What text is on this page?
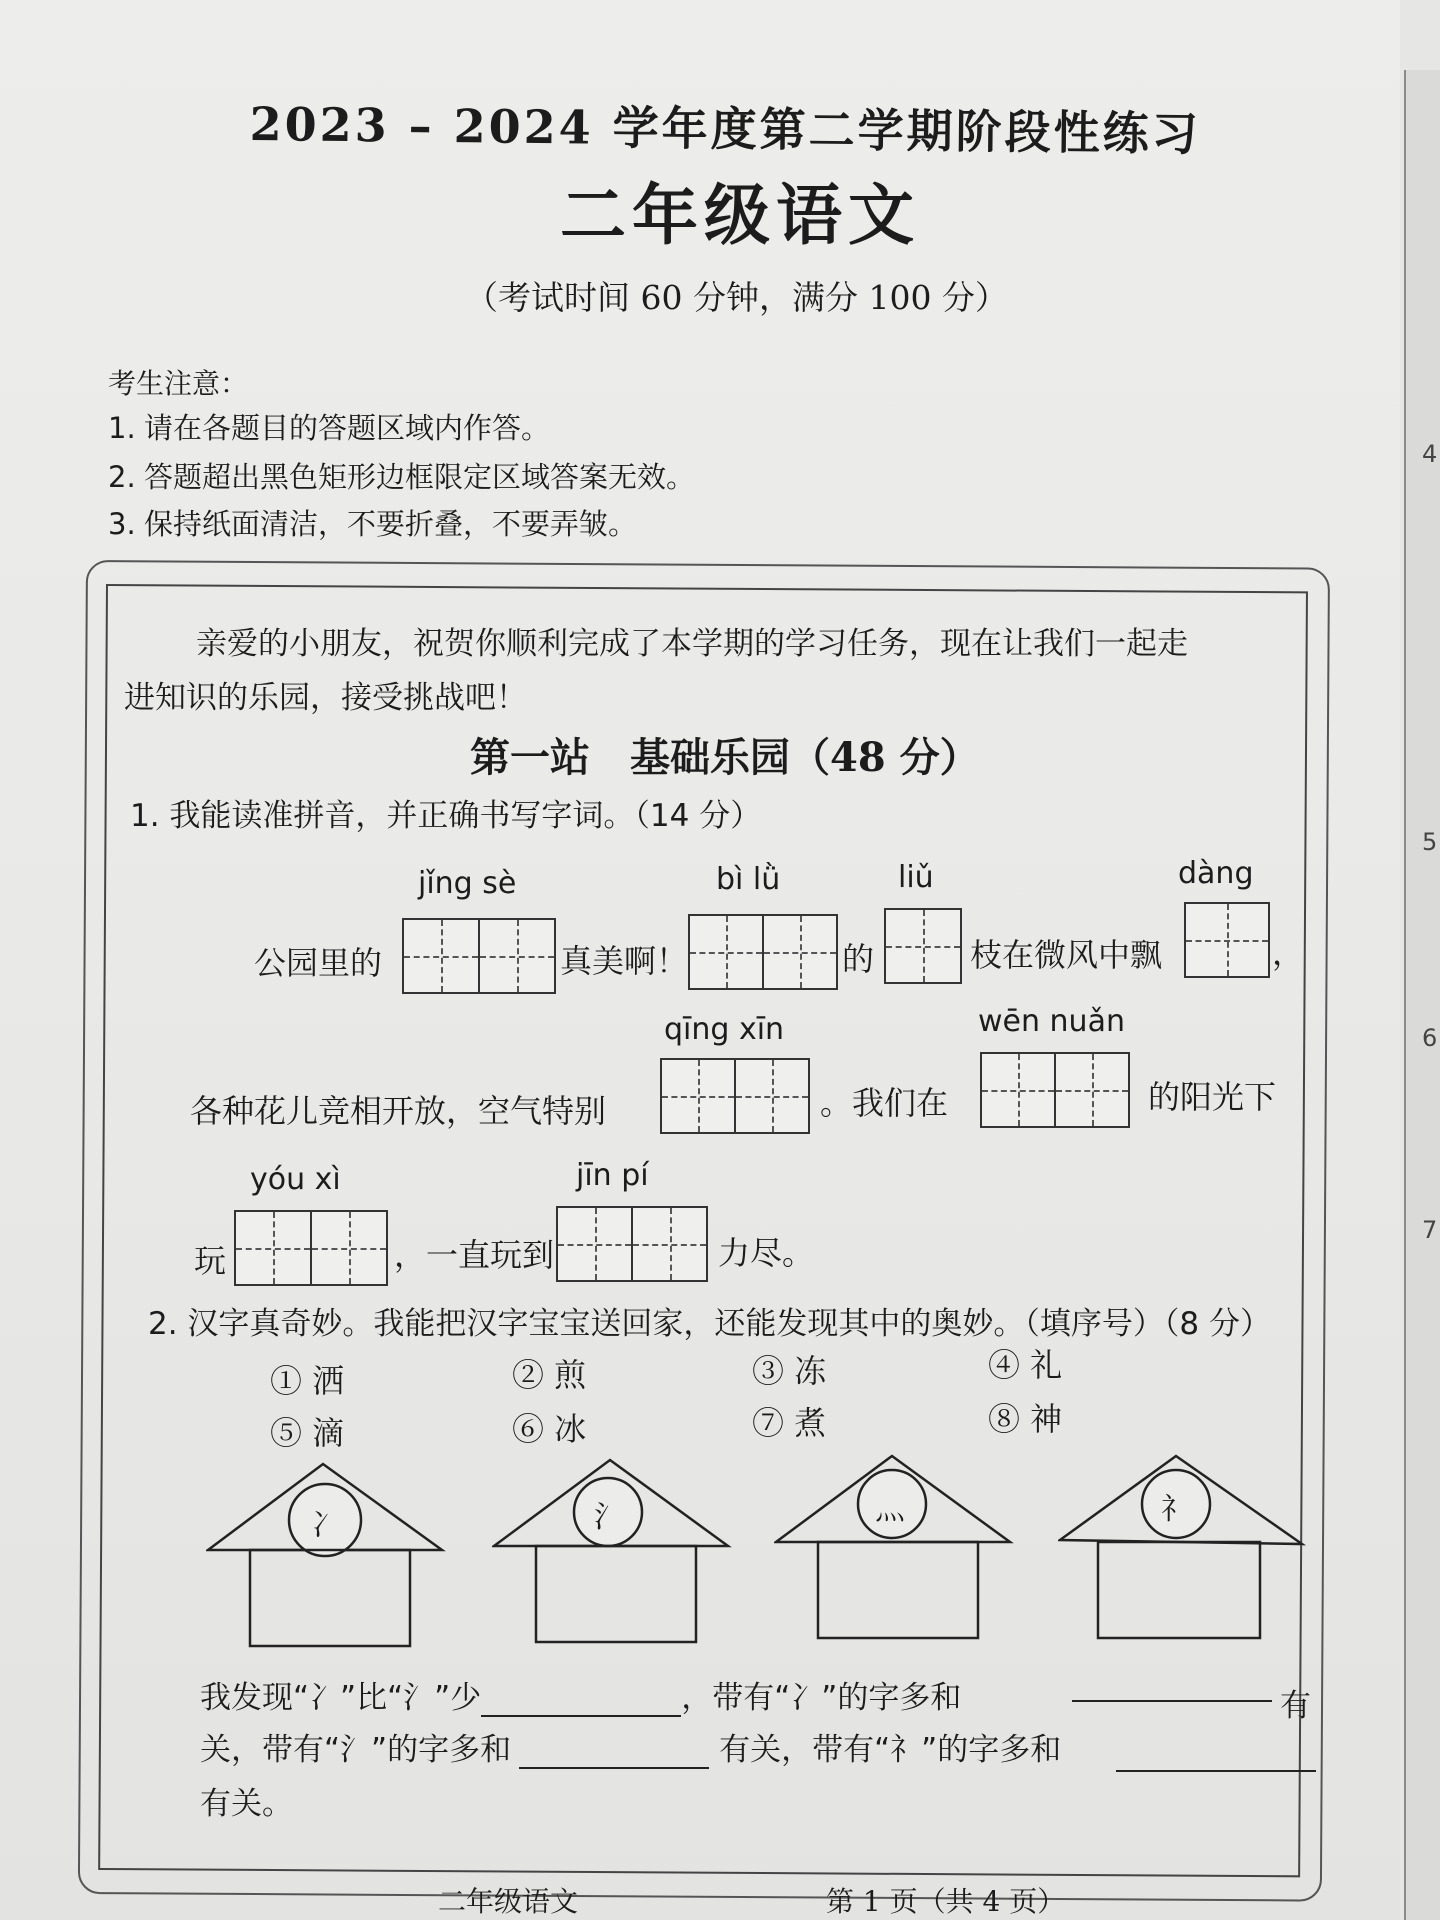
4
5
6
7
2023 – 2024 学年度第二学期阶段性练习
二年级语文
（考试时间 60 分钟，满分 100 分）
考生注意：
1. 请在各题目的答题区域内作答。
2. 答题超出黑色矩形边框限定区域答案无效。
3. 保持纸面清洁，不要折叠，不要弄皱。
亲爱的小朋友，祝贺你顺利完成了本学期的学习任务，现在让我们一起走
进知识的乐园，接受挑战吧！
第一站　基础乐园（48 分）
1. 我能读准拼音，并正确书写字词。（14 分）
jǐng sè	bì lǜ	liǔ	dàng
公园里的	真美啊！	的	枝在微风中飘	，
qīng xīn	wēn nuǎn
各种花儿竞相开放，空气特别	。我们在	的阳光下
yóu xì	jīn pí
玩	，一直玩到	力尽。
2. 汉字真奇妙。我能把汉字宝宝送回家，还能发现其中的奥妙。（填序号）（8 分）
① 洒	② 煎	③ 冻	④ 礼
⑤ 滴	⑥ 冰	⑦ 煮	⑧ 神
冫	氵	灬	礻
我发现“冫”比“氵”少	，带有“冫”的字多和	有
关，带有“氵”的字多和	有关，带有“礻”的字多和
有关。
二年级语文	第 1 页（共 4 页）
